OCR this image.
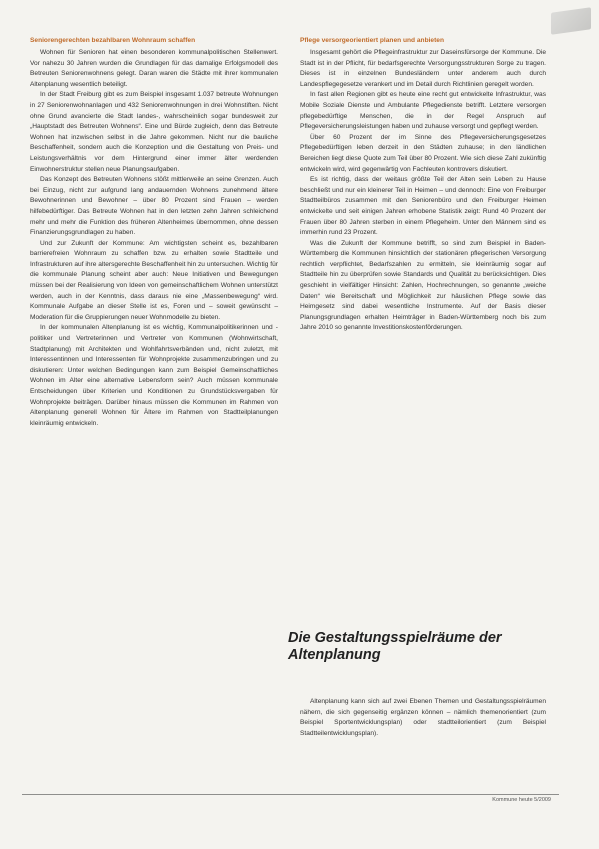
Seniorengerechten bezahlbaren Wohnraum schaffen

Wohnen für Senioren hat einen besonderen kommunalpolitischen Stellenwert. Vor nahezu 30 Jahren wurden die Grundlagen für das damalige Erfolgsmodell des Betreuten Seniorenwohnens gelegt. Daran waren die Städte mit ihrer kommunalen Altenplanung wesentlich beteiligt.

In der Stadt Freiburg gibt es zum Beispiel insgesamt 1.037 betreute Wohnungen in 27 Seniorenwohnanlagen und 432 Seniorenwohnungen in drei Wohnstiften. Nicht ohne Grund avancierte die Stadt landes-, wahrscheinlich sogar bundesweit zur „Hauptstadt des Betreuten Wohnens“. Eine und Bürde zugleich, denn das Betreute Wohnen hat inzwischen selbst in die Jahre gekommen. Nicht nur die bauliche Beschaffenheit, sondern auch die Konzeption und die Gestaltung von Preis- und Leistungsverhältnis vor dem Hintergrund einer immer älter werdenden Einwohnerstruktur stellen neue Planungsaufgaben.

Das Konzept des Betreuten Wohnens stößt mittlerweile an seine Grenzen. Auch bei Einzug, nicht zur aufgrund lang andauernden Wohnens zunehmend ältere Bewohnerinnen und Bewohner – über 80 Prozent sind Frauen – werden hilfebedürftiger. Das Betreute Wohnen hat in den letzten zehn Jahren schleichend mehr und mehr die Funktion des früheren Altenheimes übernommen, ohne dessen Finanzierungsgrundlagen zu haben.

Und zur Zukunft der Kommune: Am wichtigsten scheint es, bezahlbaren barrierefreien Wohnraum zu schaffen bzw. zu erhalten sowie Stadtteile und Infrastrukturen auf ihre altersgerechte Beschaffenheit hin zu untersuchen. Wichtig für die kommunale Planung scheint aber auch: Neue Initiativen und Bewegungen müssen bei der Realisierung von Ideen von gemeinschaftlichem Wohnen unterstützt werden, auch in der Kenntnis, dass daraus nie eine „Massenbewegung“ wird. Kommunale Aufgabe an dieser Stelle ist es, Foren und – soweit gewünscht – Moderation für die Gruppierungen neuer Wohnmodelle zu bieten.

In der kommunalen Altenplanung ist es wichtig, Kommunalpolitikerinnen und -politiker und Vertreterinnen und Vertreter von Kommunen (Wohnwirtschaft, Stadtplanung) mit Architekten und Wohlfahrtsverbänden und, nicht zuletzt, mit Interessentinnen und Interessenten für Wohnprojekte zusammenzubringen und zu diskutieren: Unter welchen Bedingungen kann zum Beispiel Gemeinschaftliches Wohnen im Alter eine alternative Lebensform sein? Auch müssen kommunale Entscheidungen über Kriterien und Konditionen zu Grundstücksvergaben für Wohnprojekte beiträgen. Darüber hinaus müssen die Kommunen im Rahmen von Altenplanung generell Wohnen für Ältere im Rahmen von Stadtteilplanungen kleinräumig entwickeln.

Pflege versorgeorientiert planen und anbieten

Insgesamt gehört die Pflegeinfrastruktur zur Daseinsfürsorge der Kommune. Die Stadt ist in der Pflicht, für bedarfsgerechte Versorgungsstrukturen Sorge zu tragen. Dieses ist in einzelnen Bundesländern unter anderem auch durch Landespflegegesetze verankert und im Detail durch Richtlinien geregelt worden.

In fast allen Regionen gibt es heute eine recht gut entwickelte Infrastruktur, was Mobile Soziale Dienste und Ambulante Pflegedienste betrifft. Letztere versorgen pflegebedürftige Menschen, die in der Regel Anspruch auf Pflegeversicherungsleistungen haben und zuhause versorgt und gepflegt werden.

Über 60 Prozent der im Sinne des Pflegeversicherungsgesetzes Pflegebedürftigen leben derzeit in den Städten zuhause; in den ländlichen Bereichen liegt diese Quote zum Teil über 80 Prozent. Wie sich diese Zahl zukünftig entwickeln wird, wird gegenwärtig von Fachleuten kontrovers diskutiert.

Es ist richtig, dass der weitaus größte Teil der Alten sein Leben zu Hause beschließt und nur ein kleinerer Teil in Heimen – und dennoch: Eine von Freiburger Stadtteilbüros zusammen mit den Seniorenbüro und den Freiburger Heimen entwickelte und seit einigen Jahren erhobene Statistik zeigt: Rund 40 Prozent der Frauen über 80 Jahren sterben in einem Pflegeheim. Unter den Männern sind es immerhin rund 23 Prozent.

Was die Zukunft der Kommune betrifft, so sind zum Beispiel in Baden-Württemberg die Kommunen hinsichtlich der stationären pflegerischen Versorgung rechtlich verpflichtet, Bedarfszahlen zu ermitteln, sie kleinräumig sogar auf Stadtteile hin zu überprüfen sowie Standards und Qualität zu berücksichtigen. Dies geschieht in vielfältiger Hinsicht: Zahlen, Hochrechnungen, so genannte „weiche Daten“ wie Bereitschaft und Möglichkeit zur häuslichen Pflege sowie das Heimgesetz sind dabei wesentliche Instrumente. Auf der Basis dieser Planungsgrundlagen erhalten Heimträger in Baden-Württemberg noch bis zum Jahre 2010 so genannte Investitionskostenförderungen.

Die Gestaltungsspielräume der Altenplanung

Altenplanung kann sich auf zwei Ebenen Themen und Gestaltungsspielräumen nähern, die sich gegenseitig ergänzen können – nämlich themenorientiert (zum Beispiel Sportentwicklungsplan) oder stadtteilorientiert (zum Beispiel Stadtteilentwicklungsplan).

Kommune heute 5/2009
